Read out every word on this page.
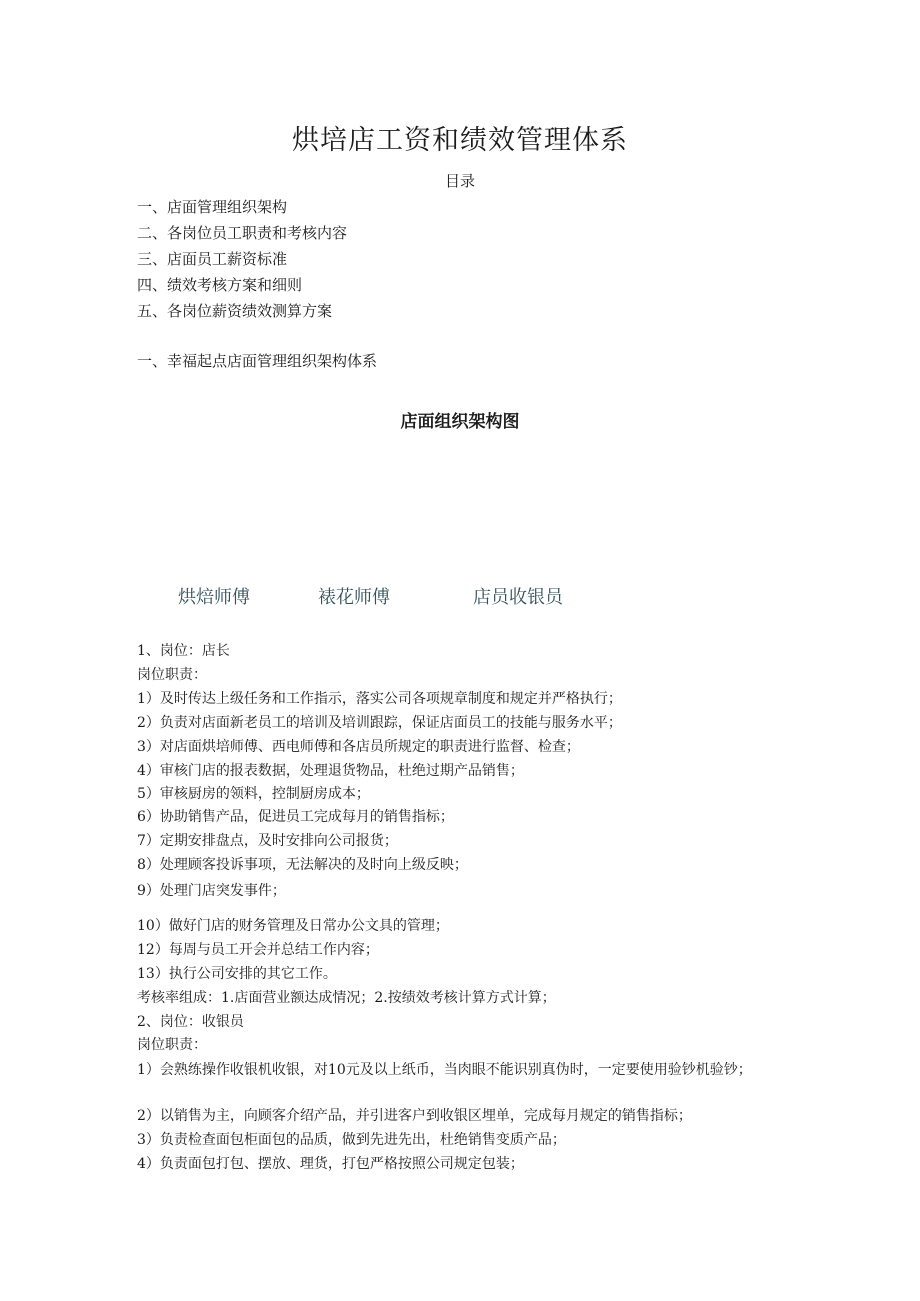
烘培店工资和绩效管理体系
目录
一、店面管理组织架构
二、各岗位员工职责和考核内容
三、店面员工薪资标准
四、绩效考核方案和细则
五、各岗位薪资绩效测算方案
一、幸福起点店面管理组织架构体系
店面组织架构图
烘焙师傅	裱花师傅	店员收银员
1、岗位：店长
岗位职责：
1）及时传达上级任务和工作指示，落实公司各项规章制度和规定并严格执行；
2）负责对店面新老员工的培训及培训跟踪，保证店面员工的技能与服务水平；
3）对店面烘培师傅、西电师傅和各店员所规定的职责进行监督、检查；
4）审核门店的报表数据，处理退货物品，杜绝过期产品销售；
5）审核厨房的领料，控制厨房成本；
6）协助销售产品，促进员工完成每月的销售指标；
7）定期安排盘点，及时安排向公司报货；
8）处理顾客投诉事项，无法解决的及时向上级反映；
9）处理门店突发事件；
10）做好门店的财务管理及日常办公文具的管理；
12）每周与员工开会并总结工作内容；
13）执行公司安排的其它工作。
考核率组成：1.店面营业额达成情况；2.按绩效考核计算方式计算；
2、岗位：收银员
岗位职责：
1）会熟练操作收银机收银，对10元及以上纸币，当肉眼不能识别真伪时，一定要使用验钞机验钞；
2）以销售为主，向顾客介绍产品，并引进客户到收银区埋单，完成每月规定的销售指标；
3）负责检查面包柜面包的品质，做到先进先出，杜绝销售变质产品；
4）负责面包打包、摆放、理货，打包严格按照公司规定包装；
